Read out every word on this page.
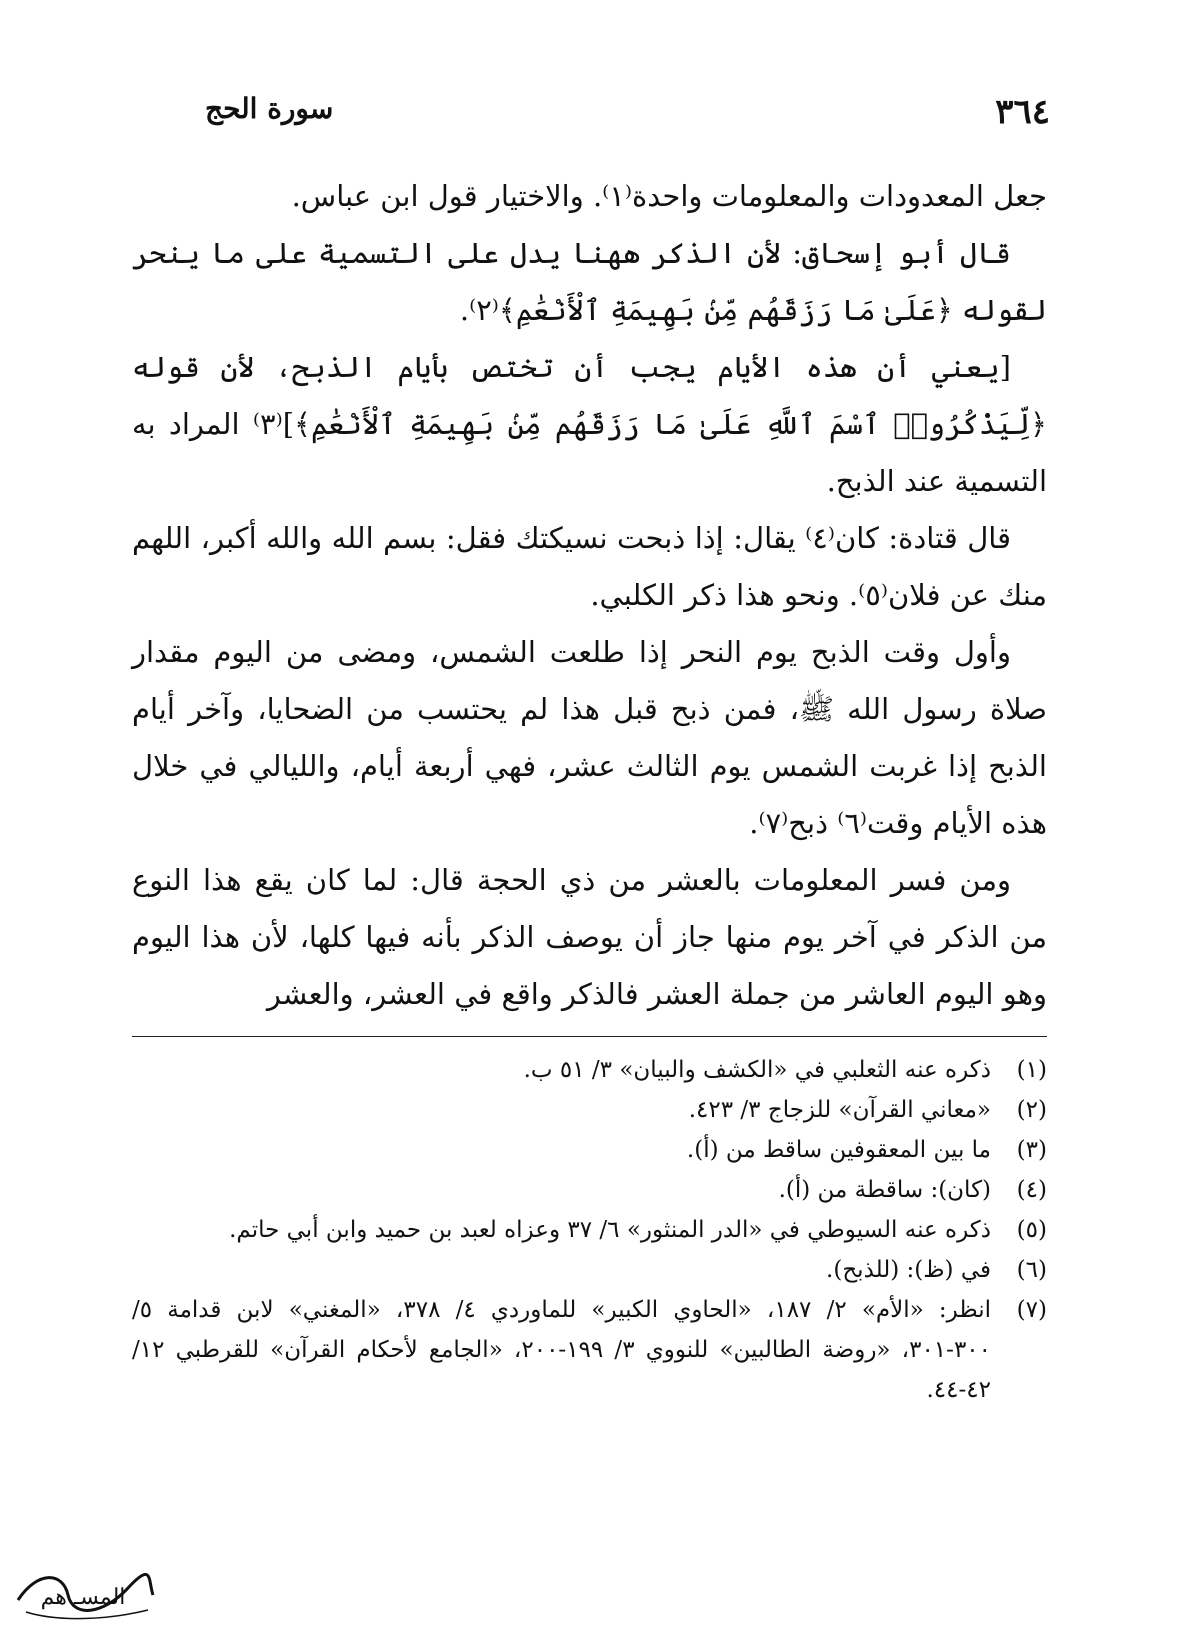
٣٦٤
سورة الحج

جعل المعدودات والمعلومات واحدة⁽١⁾. والاختيار قول ابن عباس.

قال أبو إسحاق: لأن الذكر ههنا يدل على التسمية على ما ينحر لقوله ﴿عَلَىٰ مَا رَزَقَهُم مِّنۢ بَهِيمَةِ ٱلْأَنْعَٰمِ﴾⁽٢⁾.

[يعني أن هذه الأيام يجب أن تختص بأيام الذبح، لأن قوله ﴿لِّيَذْكُرُوا۟ ٱسْمَ ٱللَّهِ عَلَىٰ مَا رَزَقَهُم مِّنۢ بَهِيمَةِ ٱلْأَنْعَٰمِ﴾]⁽٣⁾ المراد به التسمية عند الذبح.

قال قتادة: كان⁽٤⁾ يقال: إذا ذبحت نسيكتك فقل: بسم الله والله أكبر، اللهم منك عن فلان⁽٥⁾. ونحو هذا ذكر الكلبي.

وأول وقت الذبح يوم النحر إذا طلعت الشمس، ومضى من اليوم مقدار صلاة رسول الله ﷺ، فمن ذبح قبل هذا لم يحتسب من الضحايا، وآخر أيام الذبح إذا غربت الشمس يوم الثالث عشر، فهي أربعة أيام، والليالي في خلال هذه الأيام وقت⁽٦⁾ ذبح⁽٧⁾.

ومن فسر المعلومات بالعشر من ذي الحجة قال: لما كان يقع هذا النوع من الذكر في آخر يوم منها جاز أن يوصف الذكر بأنه فيها كلها، لأن هذا اليوم وهو اليوم العاشر من جملة العشر فالذكر واقع في العشر، والعشر

(١)
ذكره عنه الثعلبي في «الكشف والبيان» ٣/ ٥١ ب.
(٢)
«معاني القرآن» للزجاج ٣/ ٤٢٣.
(٣)
ما بين المعقوفين ساقط من (أ).
(٤)
(كان): ساقطة من (أ).
(٥)
ذكره عنه السيوطي في «الدر المنثور» ٦/ ٣٧ وعزاه لعبد بن حميد وابن أبي حاتم.
(٦)
في (ظ): (للذبح).
(٧)
انظر: «الأم» ٢/ ١٨٧، «الحاوي الكبير» للماوردي ٤/ ٣٧٨، «المغني» لابن قدامة ٥/ ٣٠٠-٣٠١، «روضة الطالبين» للنووي ٣/ ١٩٩-٢٠٠، «الجامع لأحكام القرآن» للقرطبي ١٢/ ٤٢-٤٤.
المسـ هم
